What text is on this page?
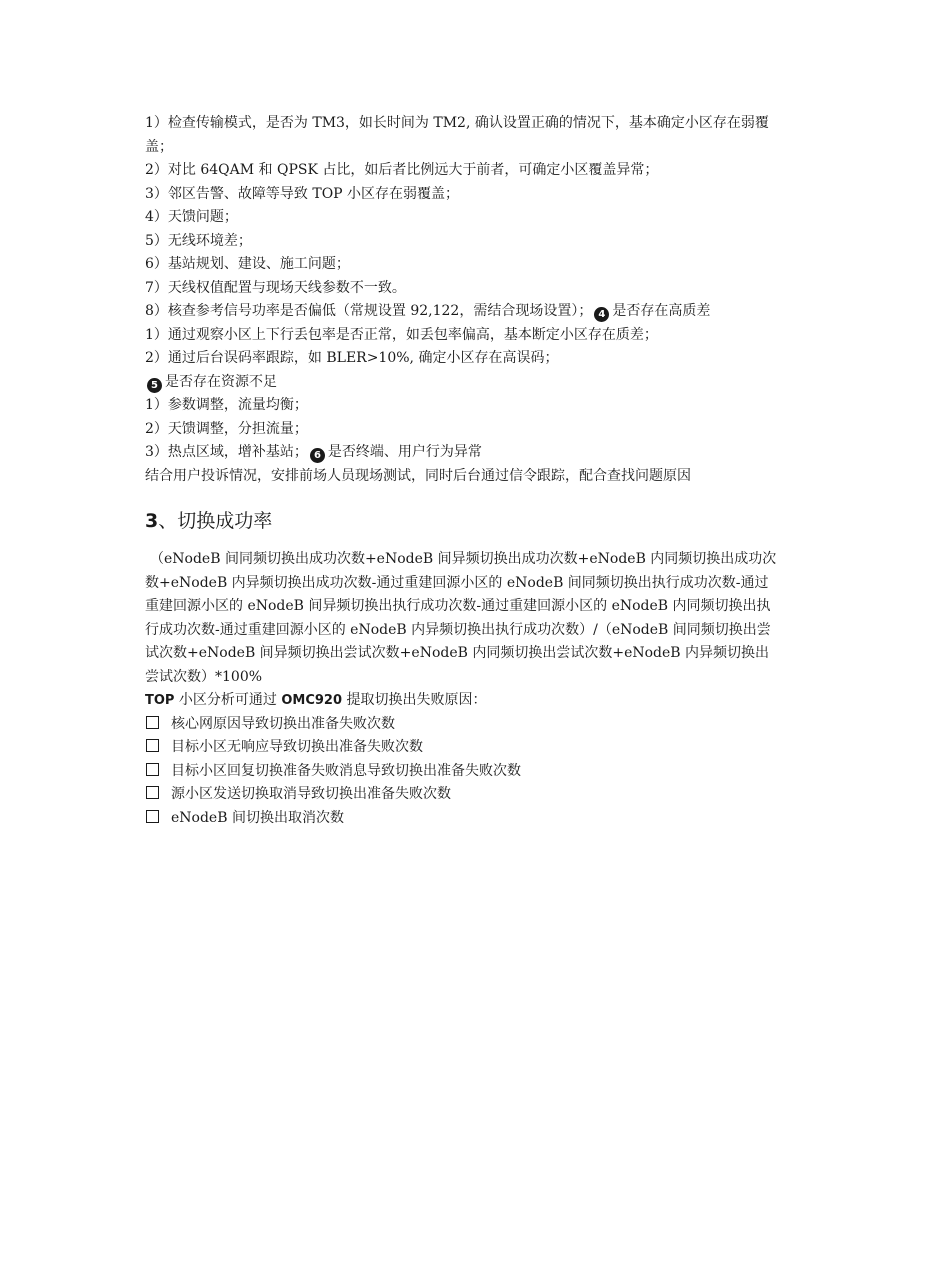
1）检查传输模式，是否为 TM3，如长时间为 TM2, 确认设置正确的情况下，基本确定小区存在弱覆盖；
2）对比 64QAM 和 QPSK 占比，如后者比例远大于前者，可确定小区覆盖异常；
3）邻区告警、故障等导致 TOP 小区存在弱覆盖；
4）天馈问题；
5）无线环境差；
6）基站规划、建设、施工问题；
7）天线权值配置与现场天线参数不一致。
8）核查参考信号功率是否偏低（常规设置 92,122，需结合现场设置）； 4 是否存在高质差
1）通过观察小区上下行丢包率是否正常，如丢包率偏高，基本断定小区存在质差；
2）通过后台误码率跟踪，如 BLER>10%, 确定小区存在高误码；
5 是否存在资源不足
1）参数调整，流量均衡；
2）天馈调整，分担流量；
3）热点区域，增补基站； 6 是否终端、用户行为异常
结合用户投诉情况，安排前场人员现场测试，同时后台通过信令跟踪，配合查找问题原因
3、切换成功率
（eNodeB 间同频切换出成功次数+eNodeB 间异频切换出成功次数+eNodeB 内同频切换出成功次数+eNodeB 内异频切换出成功次数-通过重建回源小区的 eNodeB 间同频切换出执行成功次数-通过重建回源小区的 eNodeB 间异频切换出执行成功次数-通过重建回源小区的 eNodeB 内同频切换出执行成功次数-通过重建回源小区的 eNodeB 内异频切换出执行成功次数）/（eNodeB 间同频切换出尝试次数+eNodeB 间异频切换出尝试次数+eNodeB 内同频切换出尝试次数+eNodeB 内异频切换出尝试次数）*100%
TOP 小区分析可通过 OMC920 提取切换出失败原因：
核心网原因导致切换出准备失败次数
目标小区无响应导致切换出准备失败次数
目标小区回复切换准备失败消息导致切换出准备失败次数
源小区发送切换取消导致切换出准备失败次数
eNodeB 间切换出取消次数
